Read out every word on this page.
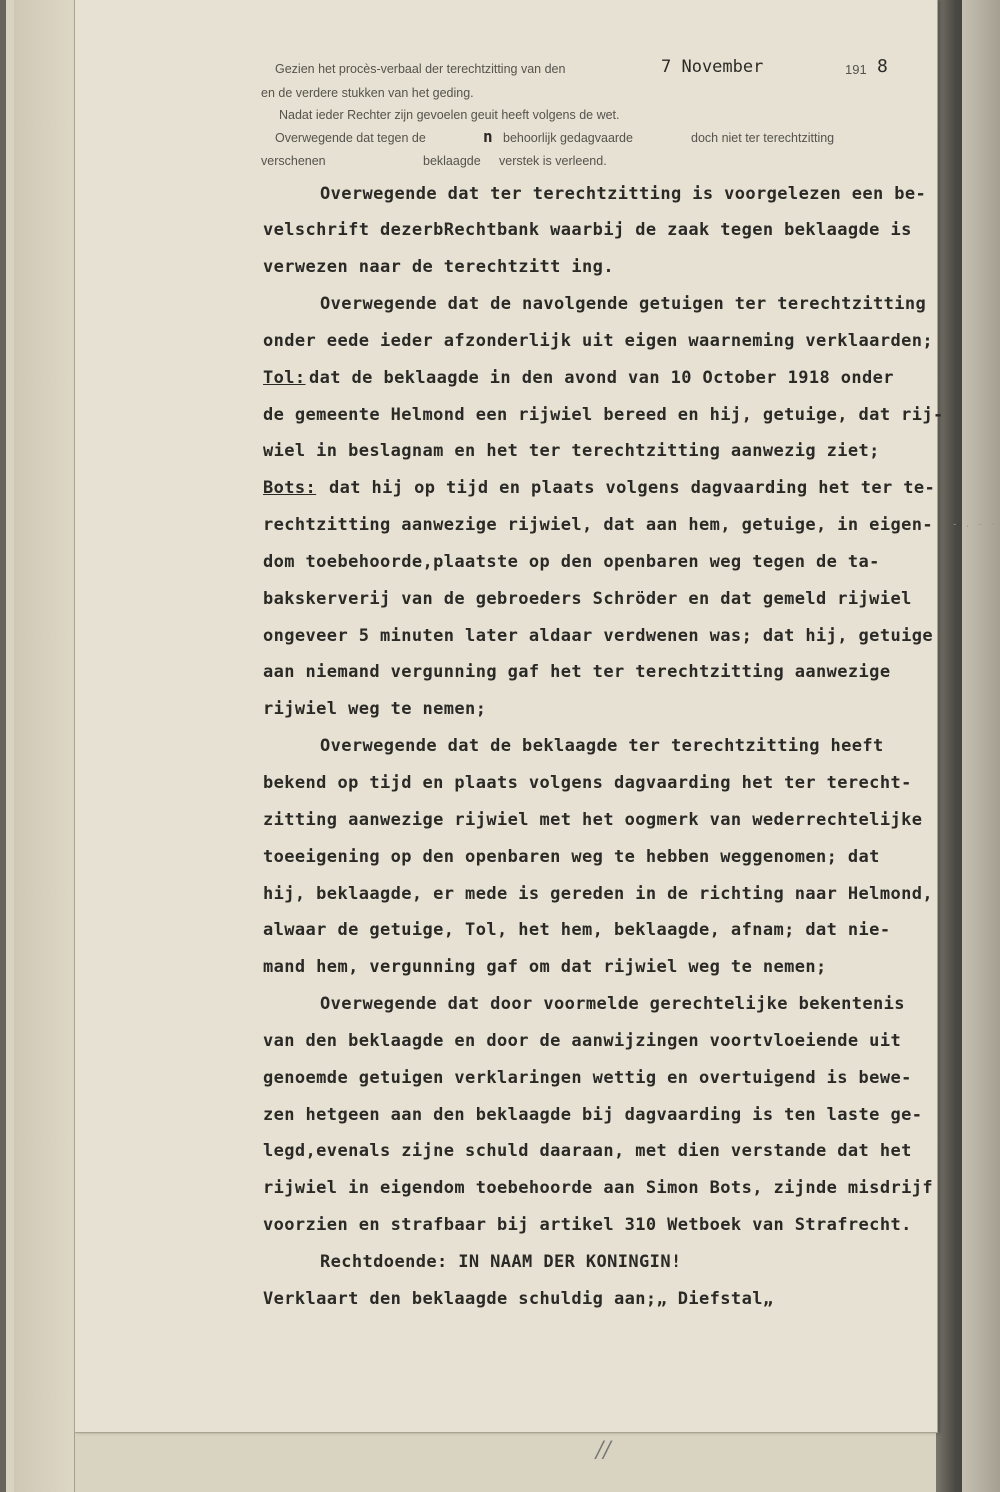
- . - -
Gezien het procès-verbaal der terechtzitting van den	7 November	191 8
en de verdere stukken van het geding.
Nadat ieder Rechter zijn gevoelen geuit heeft volgens de wet.
Overwegende dat tegen de	n behoorlijk gedagvaarde	doch niet ter terechtzitting
verschenen	beklaagde verstek is verleend.
Overwegende dat ter terechtzitting is voorgelezen een be-
velschrift dezerbRechtbank waarbij de zaak tegen beklaagde is
verwezen naar de terechtzitt ing.
Overwegende dat de navolgende getuigen ter terechtzitting
onder eede ieder afzonderlijk uit eigen waarneming verklaarden;
Tol: dat de beklaagde in den avond van 10 October 1918 onder
de gemeente Helmond een rijwiel bereed en hij, getuige, dat rij-
wiel in beslagnam en het ter terechtzitting aanwezig ziet;
Bots: dat hij op tijd en plaats volgens dagvaarding het ter te-
rechtzitting aanwezige rijwiel, dat aan hem, getuige, in eigen-
dom toebehoorde,plaatste op den openbaren weg tegen de ta-
bakskerverij van de gebroeders Schröder en dat gemeld rijwiel
ongeveer 5 minuten later aldaar verdwenen was; dat hij, getuige
aan niemand vergunning gaf het ter terechtzitting aanwezige
rijwiel weg te nemen;
Overwegende dat de beklaagde ter terechtzitting heeft
bekend op tijd en plaats volgens dagvaarding het ter terecht-
zitting aanwezige rijwiel met het oogmerk van wederrechtelijke
toeeigening op den openbaren weg te hebben weggenomen; dat
hij, beklaagde, er mede is gereden in de richting naar Helmond,
alwaar de getuige, Tol, het hem, beklaagde, afnam; dat nie-
mand hem, vergunning gaf om dat rijwiel weg te nemen;
Overwegende dat door voormelde gerechtelijke bekentenis
van den beklaagde en door de aanwijzingen voortvloeiende uit
genoemde getuigen verklaringen wettig en overtuigend is bewe-
zen hetgeen aan den beklaagde bij dagvaarding is ten laste ge-
legd,evenals zijne schuld daaraan, met dien verstande dat het
rijwiel in eigendom toebehoorde aan Simon Bots, zijnde misdrijf
voorzien en strafbaar bij artikel 310 Wetboek van Strafrecht.
Rechtdoende: IN NAAM DER KONINGIN!
Verklaart den beklaagde schuldig aan;„ Diefstal„
//
